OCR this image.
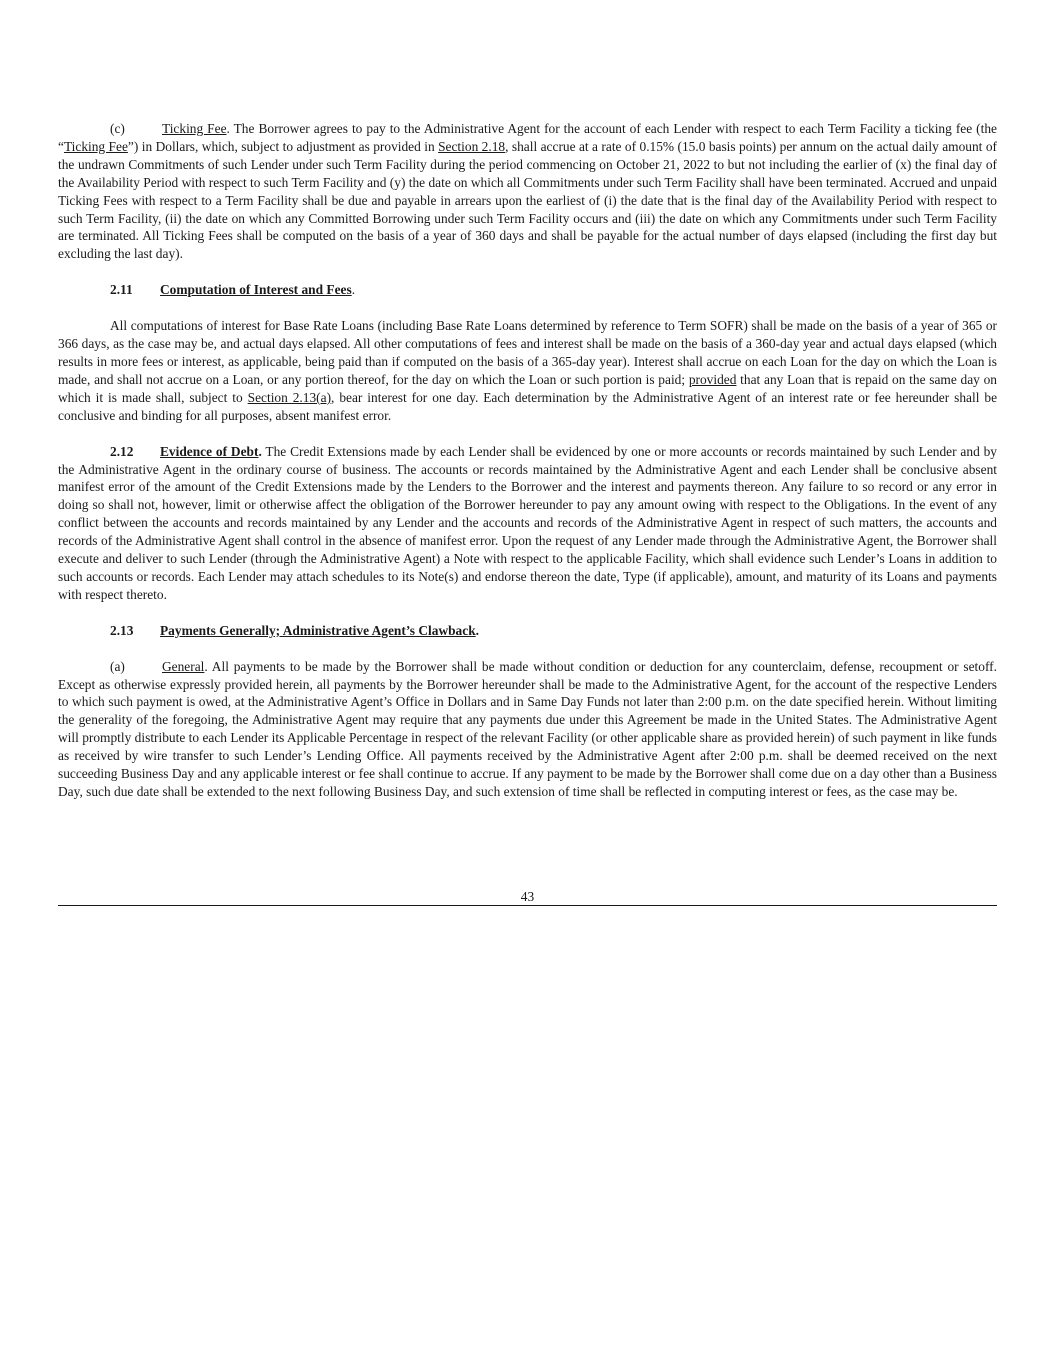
(c)	Ticking Fee. The Borrower agrees to pay to the Administrative Agent for the account of each Lender with respect to each Term Facility a ticking fee (the “Ticking Fee”) in Dollars, which, subject to adjustment as provided in Section 2.18, shall accrue at a rate of 0.15% (15.0 basis points) per annum on the actual daily amount of the undrawn Commitments of such Lender under such Term Facility during the period commencing on October 21, 2022 to but not including the earlier of (x) the final day of the Availability Period with respect to such Term Facility and (y) the date on which all Commitments under such Term Facility shall have been terminated. Accrued and unpaid Ticking Fees with respect to a Term Facility shall be due and payable in arrears upon the earliest of (i) the date that is the final day of the Availability Period with respect to such Term Facility, (ii) the date on which any Committed Borrowing under such Term Facility occurs and (iii) the date on which any Commitments under such Term Facility are terminated. All Ticking Fees shall be computed on the basis of a year of 360 days and shall be payable for the actual number of days elapsed (including the first day but excluding the last day).

2.11 Computation of Interest and Fees.

All computations of interest for Base Rate Loans (including Base Rate Loans determined by reference to Term SOFR) shall be made on the basis of a year of 365 or 366 days, as the case may be, and actual days elapsed. All other computations of fees and interest shall be made on the basis of a 360-day year and actual days elapsed (which results in more fees or interest, as applicable, being paid than if computed on the basis of a 365-day year). Interest shall accrue on each Loan for the day on which the Loan is made, and shall not accrue on a Loan, or any portion thereof, for the day on which the Loan or such portion is paid; provided that any Loan that is repaid on the same day on which it is made shall, subject to Section 2.13(a), bear interest for one day. Each determination by the Administrative Agent of an interest rate or fee hereunder shall be conclusive and binding for all purposes, absent manifest error.

2.12 Evidence of Debt. The Credit Extensions made by each Lender shall be evidenced by one or more accounts or records maintained by such Lender and by the Administrative Agent in the ordinary course of business. The accounts or records maintained by the Administrative Agent and each Lender shall be conclusive absent manifest error of the amount of the Credit Extensions made by the Lenders to the Borrower and the interest and payments thereon. Any failure to so record or any error in doing so shall not, however, limit or otherwise affect the obligation of the Borrower hereunder to pay any amount owing with respect to the Obligations. In the event of any conflict between the accounts and records maintained by any Lender and the accounts and records of the Administrative Agent in respect of such matters, the accounts and records of the Administrative Agent shall control in the absence of manifest error. Upon the request of any Lender made through the Administrative Agent, the Borrower shall execute and deliver to such Lender (through the Administrative Agent) a Note with respect to the applicable Facility, which shall evidence such Lender’s Loans in addition to such accounts or records. Each Lender may attach schedules to its Note(s) and endorse thereon the date, Type (if applicable), amount, and maturity of its Loans and payments with respect thereto.

2.13 Payments Generally; Administrative Agent’s Clawback.

(a)	General. All payments to be made by the Borrower shall be made without condition or deduction for any counterclaim, defense, recoupment or setoff. Except as otherwise expressly provided herein, all payments by the Borrower hereunder shall be made to the Administrative Agent, for the account of the respective Lenders to which such payment is owed, at the Administrative Agent’s Office in Dollars and in Same Day Funds not later than 2:00 p.m. on the date specified herein. Without limiting the generality of the foregoing, the Administrative Agent may require that any payments due under this Agreement be made in the United States. The Administrative Agent will promptly distribute to each Lender its Applicable Percentage in respect of the relevant Facility (or other applicable share as provided herein) of such payment in like funds as received by wire transfer to such Lender’s Lending Office. All payments received by the Administrative Agent after 2:00 p.m. shall be deemed received on the next succeeding Business Day and any applicable interest or fee shall continue to accrue. If any payment to be made by the Borrower shall come due on a day other than a Business Day, such due date shall be extended to the next following Business Day, and such extension of time shall be reflected in computing interest or fees, as the case may be.

43
